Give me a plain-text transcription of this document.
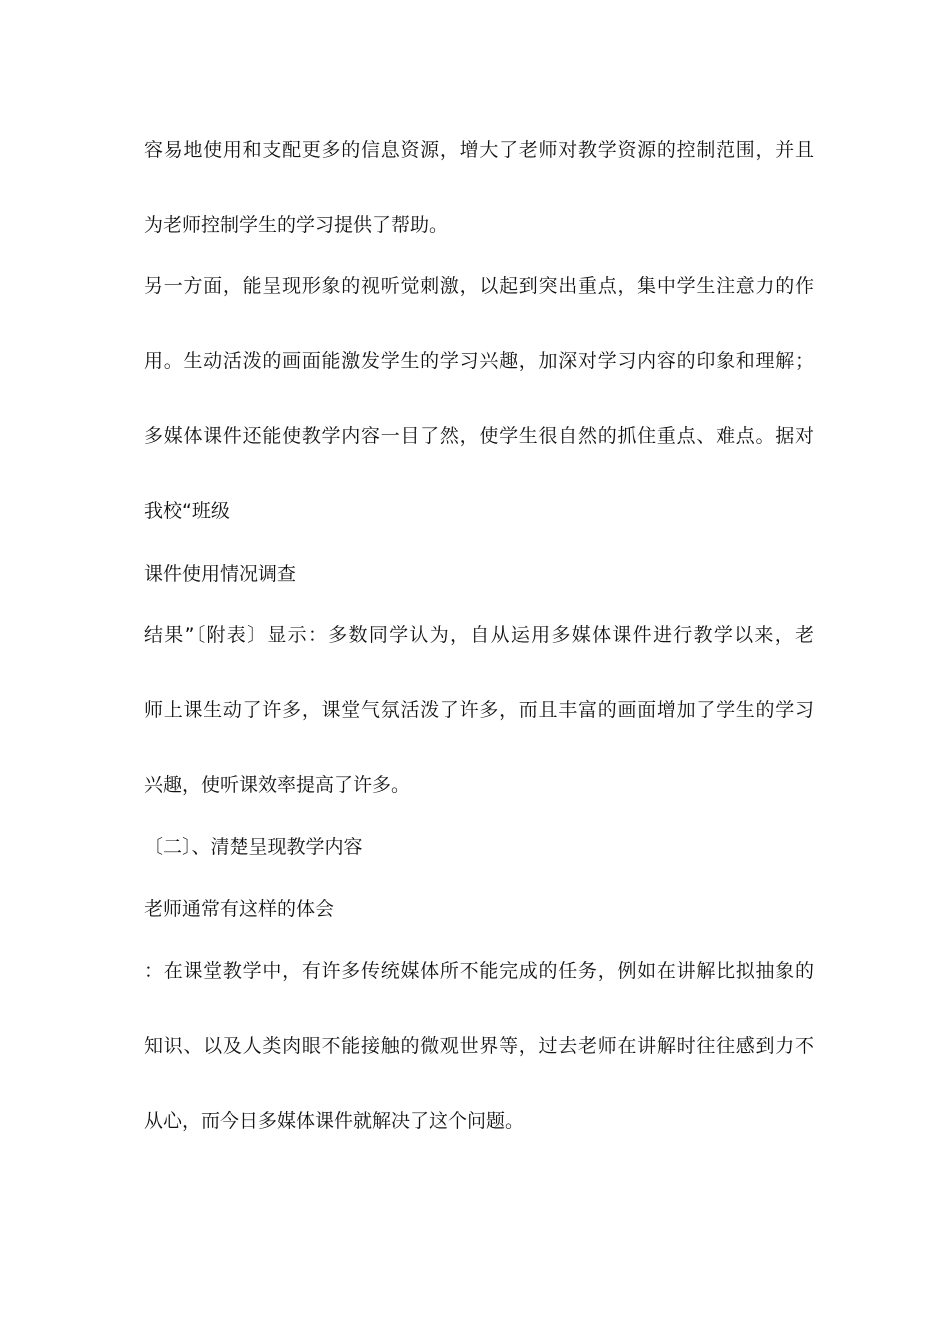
容易地使用和支配更多的信息资源，增大了老师对教学资源的控制范围，并且
为老师控制学生的学习提供了帮助。
另一方面，能呈现形象的视听觉刺激，以起到突出重点，集中学生注意力的作
用。生动活泼的画面能激发学生的学习兴趣，加深对学习内容的印象和理解；
多媒体课件还能使教学内容一目了然，使学生很自然的抓住重点、难点。据对
我校“班级
课件使用情况调查
结果”〔附表〕显示：多数同学认为，自从运用多媒体课件进行教学以来，老
师上课生动了许多，课堂气氛活泼了许多，而且丰富的画面增加了学生的学习
兴趣，使听课效率提高了许多。
〔二〕、清楚呈现教学内容
老师通常有这样的体会
：在课堂教学中，有许多传统媒体所不能完成的任务，例如在讲解比拟抽象的
知识、以及人类肉眼不能接触的微观世界等，过去老师在讲解时往往感到力不
从心，而今日多媒体课件就解决了这个问题。
